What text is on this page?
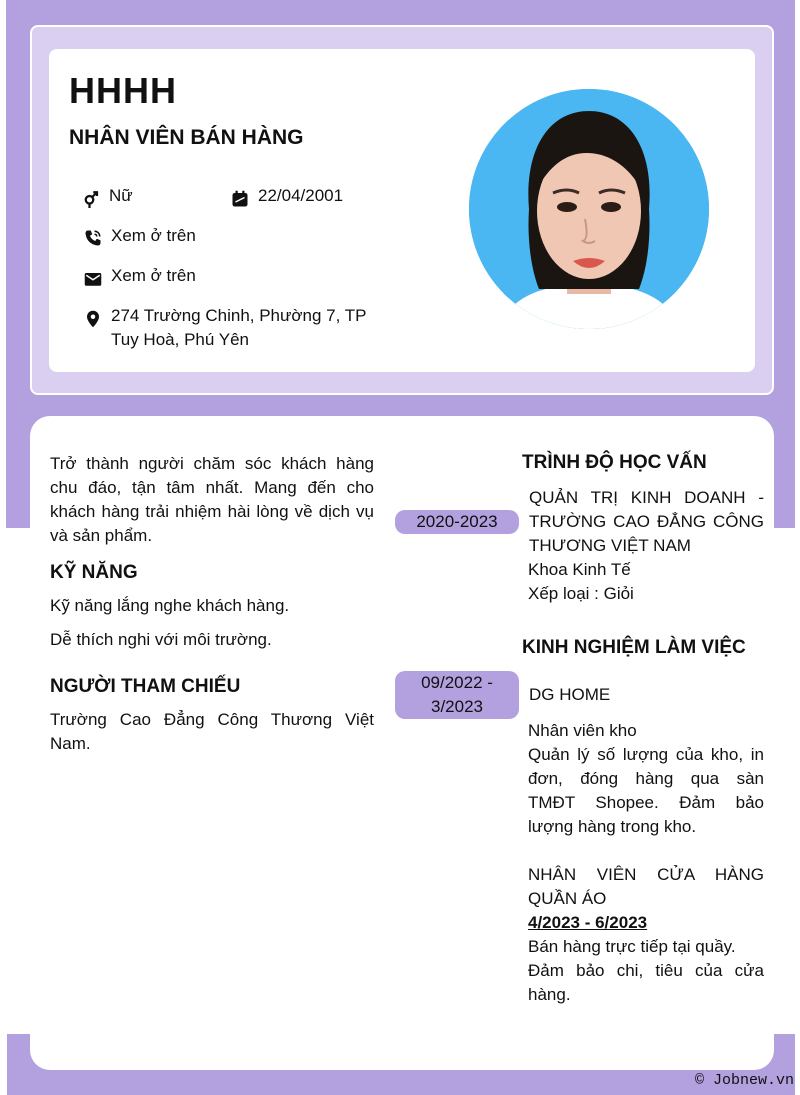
HHHH
NHÂN VIÊN BÁN HÀNG
Nữ	22/04/2001
Xem ở trên
Xem ở trên
274 Trường Chinh, Phường 7, TP Tuy Hoà, Phú Yên
Trở thành người chăm sóc khách hàng chu đáo, tận tâm nhất. Mang đến cho khách hàng trải nhiệm hài lòng về dịch vụ và sản phẩm.
KỸ NĂNG
Kỹ năng lắng nghe khách hàng.
Dễ thích nghi với môi trường.
NGƯỜI THAM CHIẾU
Trường Cao Đẳng Công Thương Việt Nam.
TRÌNH ĐỘ HỌC VẤN
2020-2023
QUẢN TRỊ KINH DOANH - TRƯỜNG CAO ĐẲNG CÔNG THƯƠNG VIỆT NAM
Khoa Kinh Tế
Xếp loại : Giỏi
KINH NGHIỆM LÀM VIỆC
09/2022 - 3/2023
DG HOME
Nhân viên kho
Quản lý số lượng của kho, in đơn, đóng hàng qua sàn TMĐT Shopee. Đảm bảo lượng hàng trong kho.
NHÂN VIÊN CỬA HÀNG QUẦN ÁO
4/2023 - 6/2023
Bán hàng trực tiếp tại quầy.
Đảm bảo chi, tiêu của cửa hàng.
© Jobnew.vn
